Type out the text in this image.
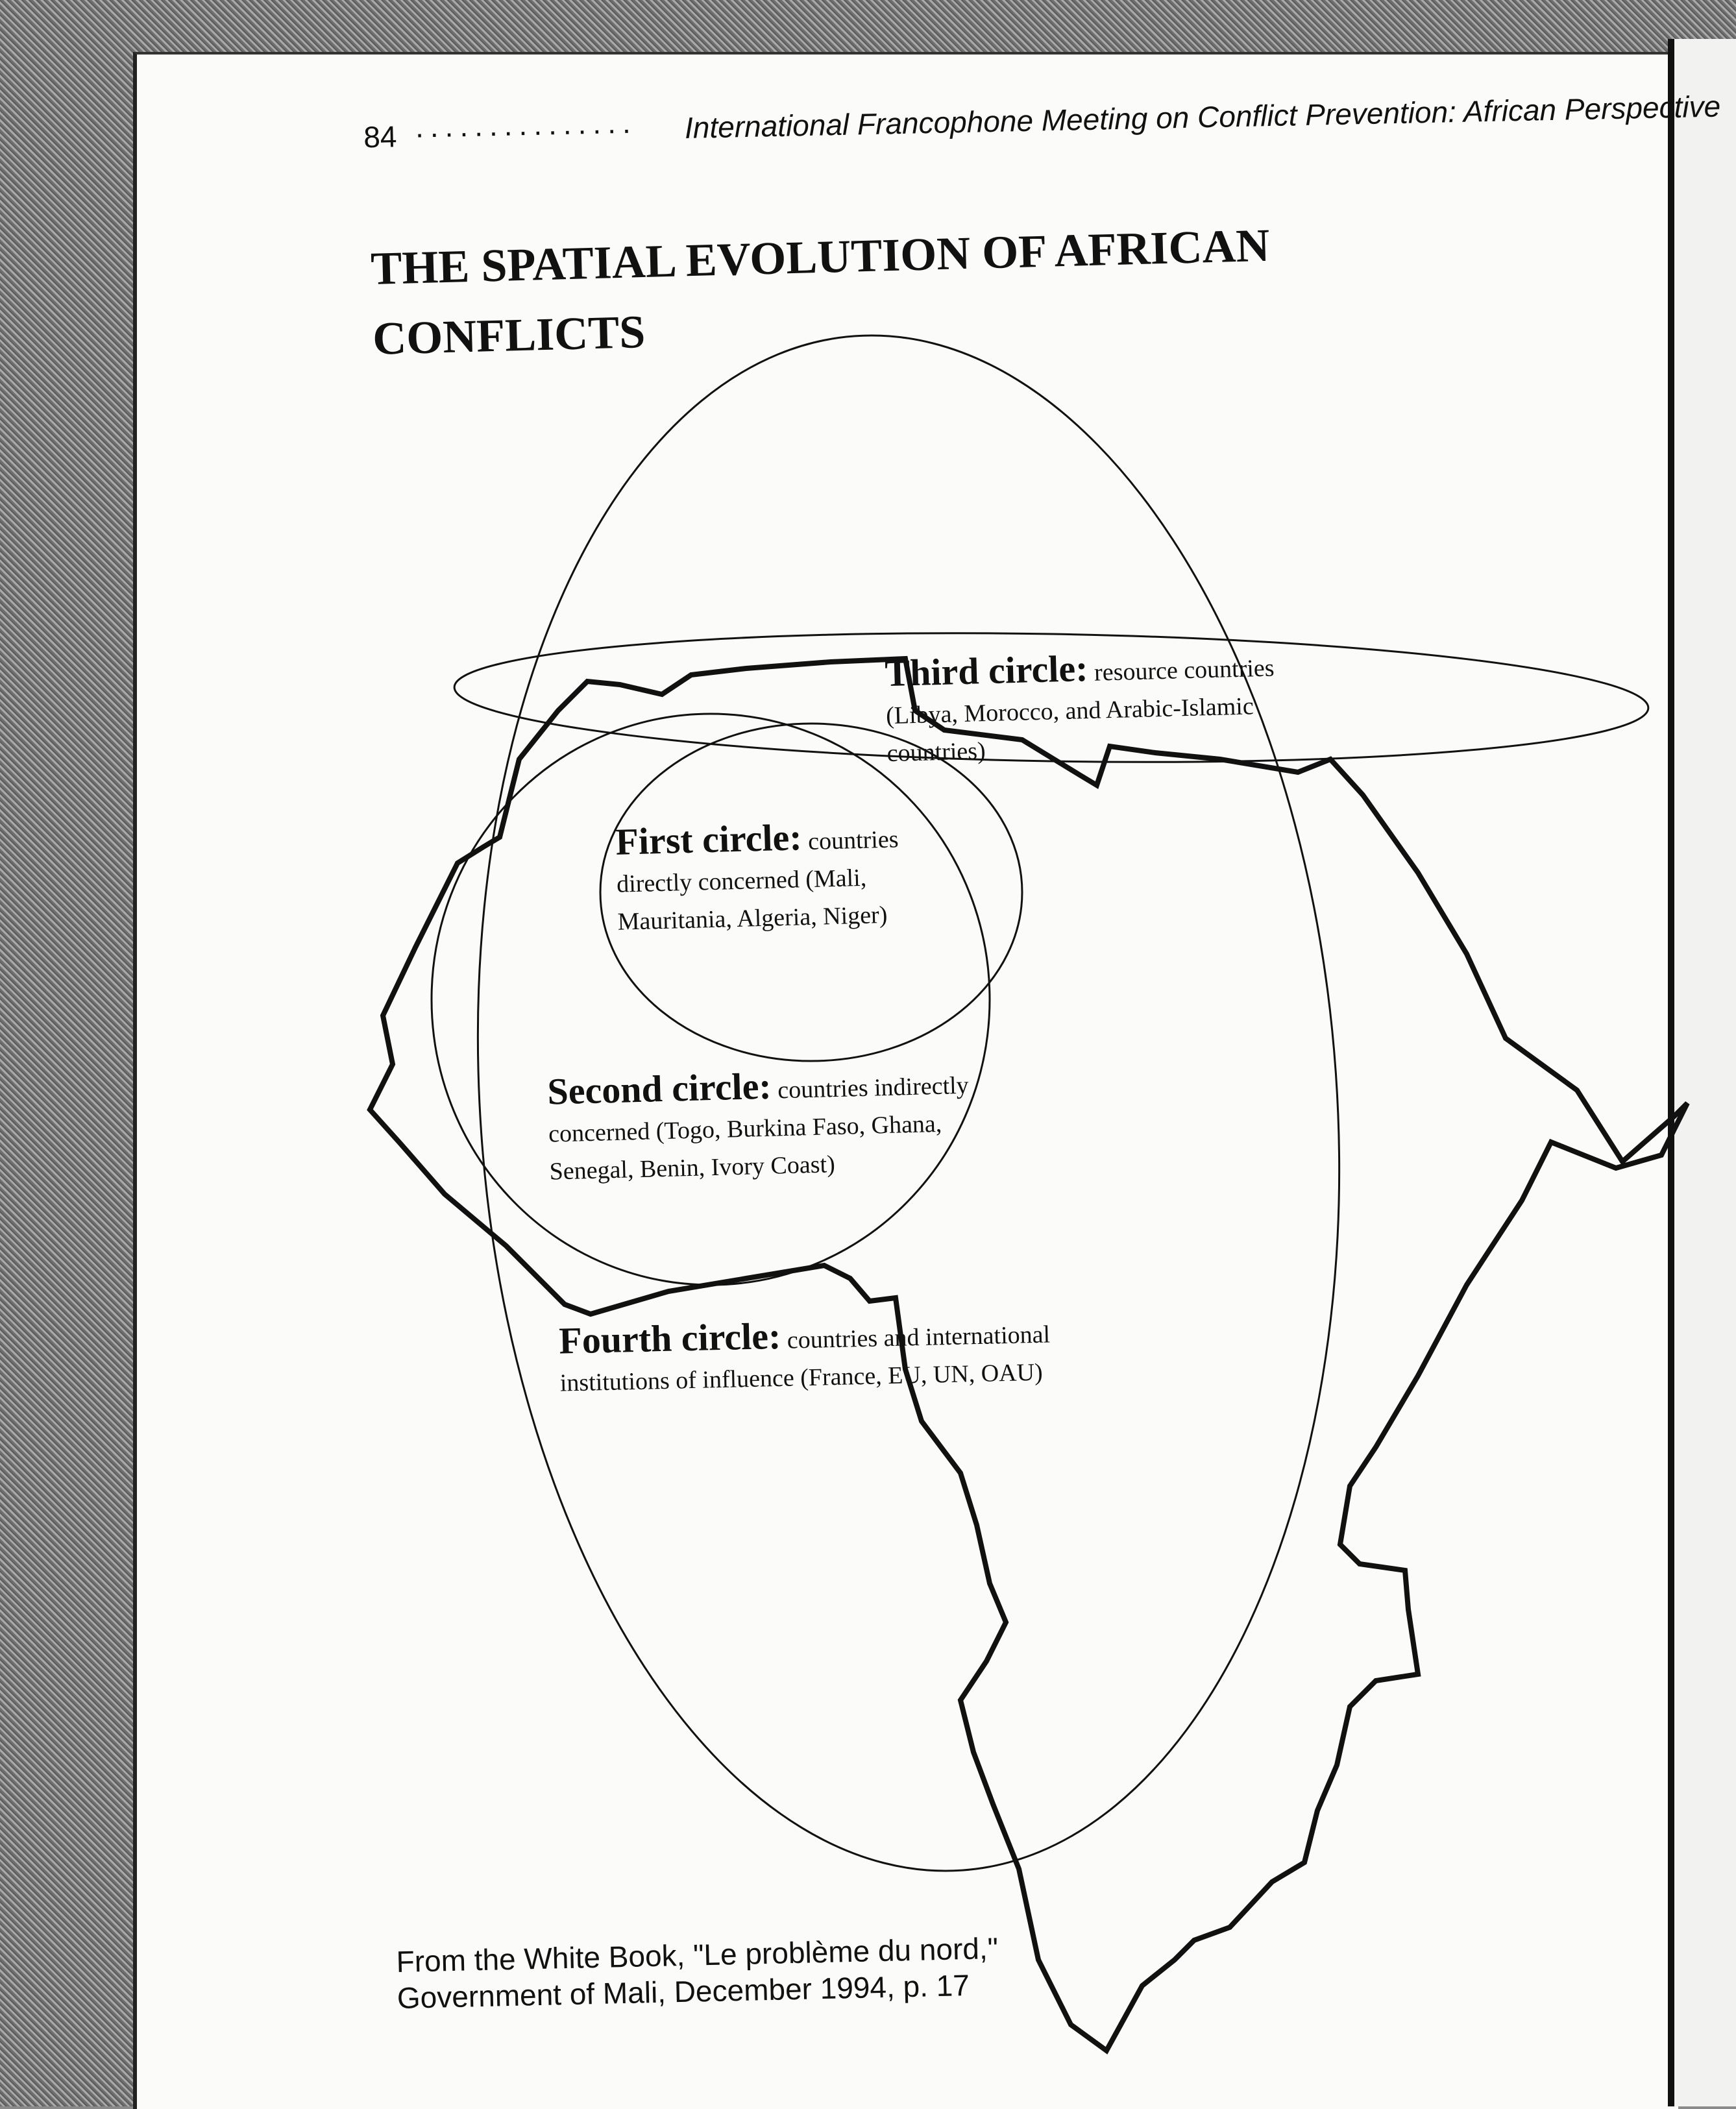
84 ............... International Francophone Meeting on Conflict Prevention: African Perspective
THE SPATIAL EVOLUTION OF AFRICAN CONFLICTS
Third circle: resource countries (Libya, Morocco, and Arabic-Islamic countries)
First circle: countries directly concerned (Mali, Mauritania, Algeria, Niger)
Second circle: countries indirectly concerned (Togo, Burkina Faso, Ghana, Senegal, Benin, Ivory Coast)
Fourth circle: countries and international institutions of influence (France, EU, UN, OAU)
From the White Book, "Le problème du nord,"
Government of Mali, December 1994, p. 17
